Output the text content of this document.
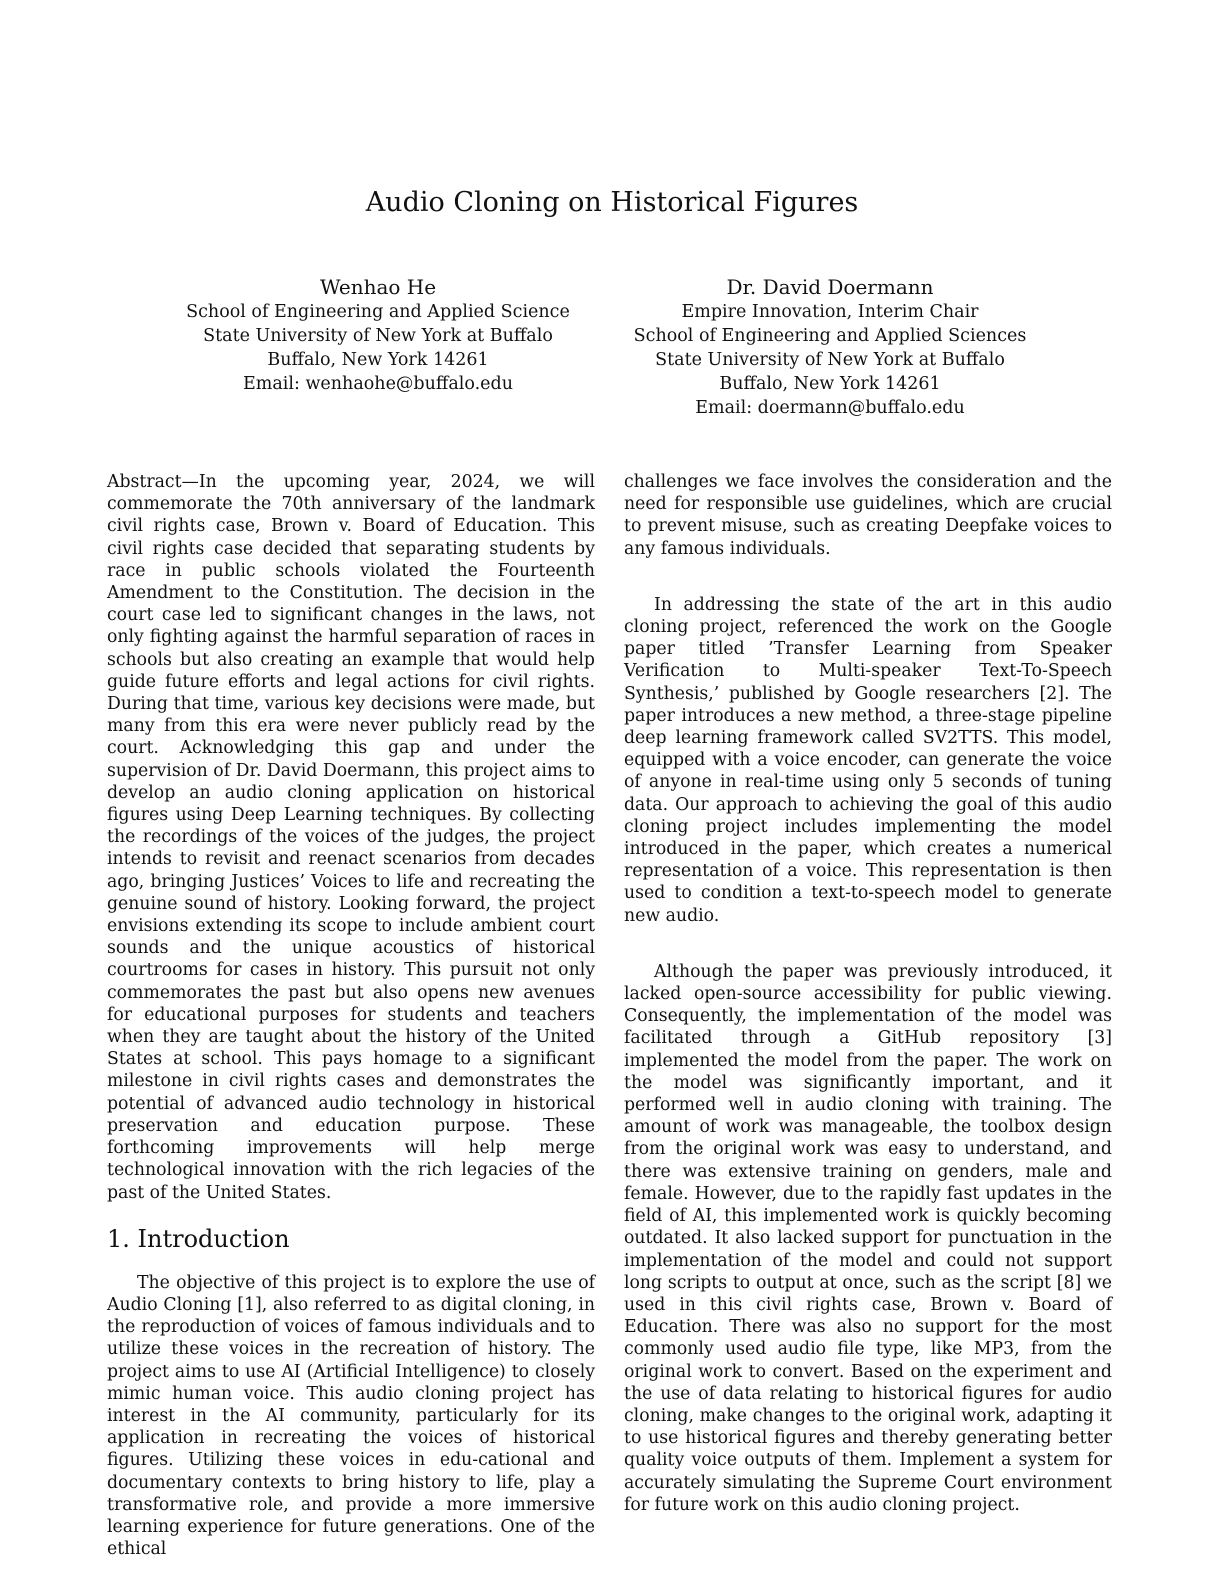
Audio Cloning on Historical Figures
Wenhao He
School of Engineering and Applied Science
State University of New York at Buffalo
Buffalo, New York 14261
Email: wenhaohe@buffalo.edu
Dr. David Doermann
Empire Innovation, Interim Chair
School of Engineering and Applied Sciences
State University of New York at Buffalo
Buffalo, New York 14261
Email: doermann@buffalo.edu

Abstract—In the upcoming year, 2024, we will commemorate the 70th anniversary of the landmark civil rights case, Brown v. Board of Education. This civil rights case decided that separating students by race in public schools violated the Fourteenth Amendment to the Constitution. The decision in the court case led to significant changes in the laws, not only fighting against the harmful separation of races in schools but also creating an example that would help guide future efforts and legal actions for civil rights. During that time, various key decisions were made, but many from this era were never publicly read by the court. Acknowledging this gap and under the supervision of Dr. David Doermann, this project aims to develop an audio cloning application on historical figures using Deep Learning techniques. By collecting the recordings of the voices of the judges, the project intends to revisit and reenact scenarios from decades ago, bringing Justices’ Voices to life and recreating the genuine sound of history. Looking forward, the project envisions extending its scope to include ambient court sounds and the unique acoustics of historical courtrooms for cases in history. This pursuit not only commemorates the past but also opens new avenues for educational purposes for students and teachers when they are taught about the history of the United States at school. This pays homage to a significant milestone in civil rights cases and demonstrates the potential of advanced audio technology in historical preservation and education purpose. These forthcoming improvements will help merge technological innovation with the rich legacies of the past of the United States.

1. Introduction

The objective of this project is to explore the use of Audio Cloning [1], also referred to as digital cloning, in the reproduction of voices of famous individuals and to utilize these voices in the recreation of history. The project aims to use AI (Artificial Intelligence) to closely mimic human voice. This audio cloning project has interest in the AI community, particularly for its application in recreating the voices of historical figures. Utilizing these voices in edu-cational and documentary contexts to bring history to life, play a transformative role, and provide a more immersive learning experience for future generations. One of the ethical

challenges we face involves the consideration and the need for responsible use guidelines, which are crucial to prevent misuse, such as creating Deepfake voices to any famous individuals.

In addressing the state of the art in this audio cloning project, referenced the work on the Google paper titled ’Transfer Learning from Speaker Verification to Multi-speaker Text-To-Speech Synthesis,’ published by Google researchers [2]. The paper introduces a new method, a three-stage pipeline deep learning framework called SV2TTS. This model, equipped with a voice encoder, can generate the voice of anyone in real-time using only 5 seconds of tuning data. Our approach to achieving the goal of this audio cloning project includes implementing the model introduced in the paper, which creates a numerical representation of a voice. This representation is then used to condition a text-to-speech model to generate new audio.

Although the paper was previously introduced, it lacked open-source accessibility for public viewing. Consequently, the implementation of the model was facilitated through a GitHub repository [3] implemented the model from the paper. The work on the model was significantly important, and it performed well in audio cloning with training. The amount of work was manageable, the toolbox design from the original work was easy to understand, and there was extensive training on genders, male and female. However, due to the rapidly fast updates in the field of AI, this implemented work is quickly becoming outdated. It also lacked support for punctuation in the implementation of the model and could not support long scripts to output at once, such as the script [8] we used in this civil rights case, Brown v. Board of Education. There was also no support for the most commonly used audio file type, like MP3, from the original work to convert. Based on the experiment and the use of data relating to historical figures for audio cloning, make changes to the original work, adapting it to use historical figures and thereby generating better quality voice outputs of them. Implement a system for accurately simulating the Supreme Court environment for future work on this audio cloning project.
